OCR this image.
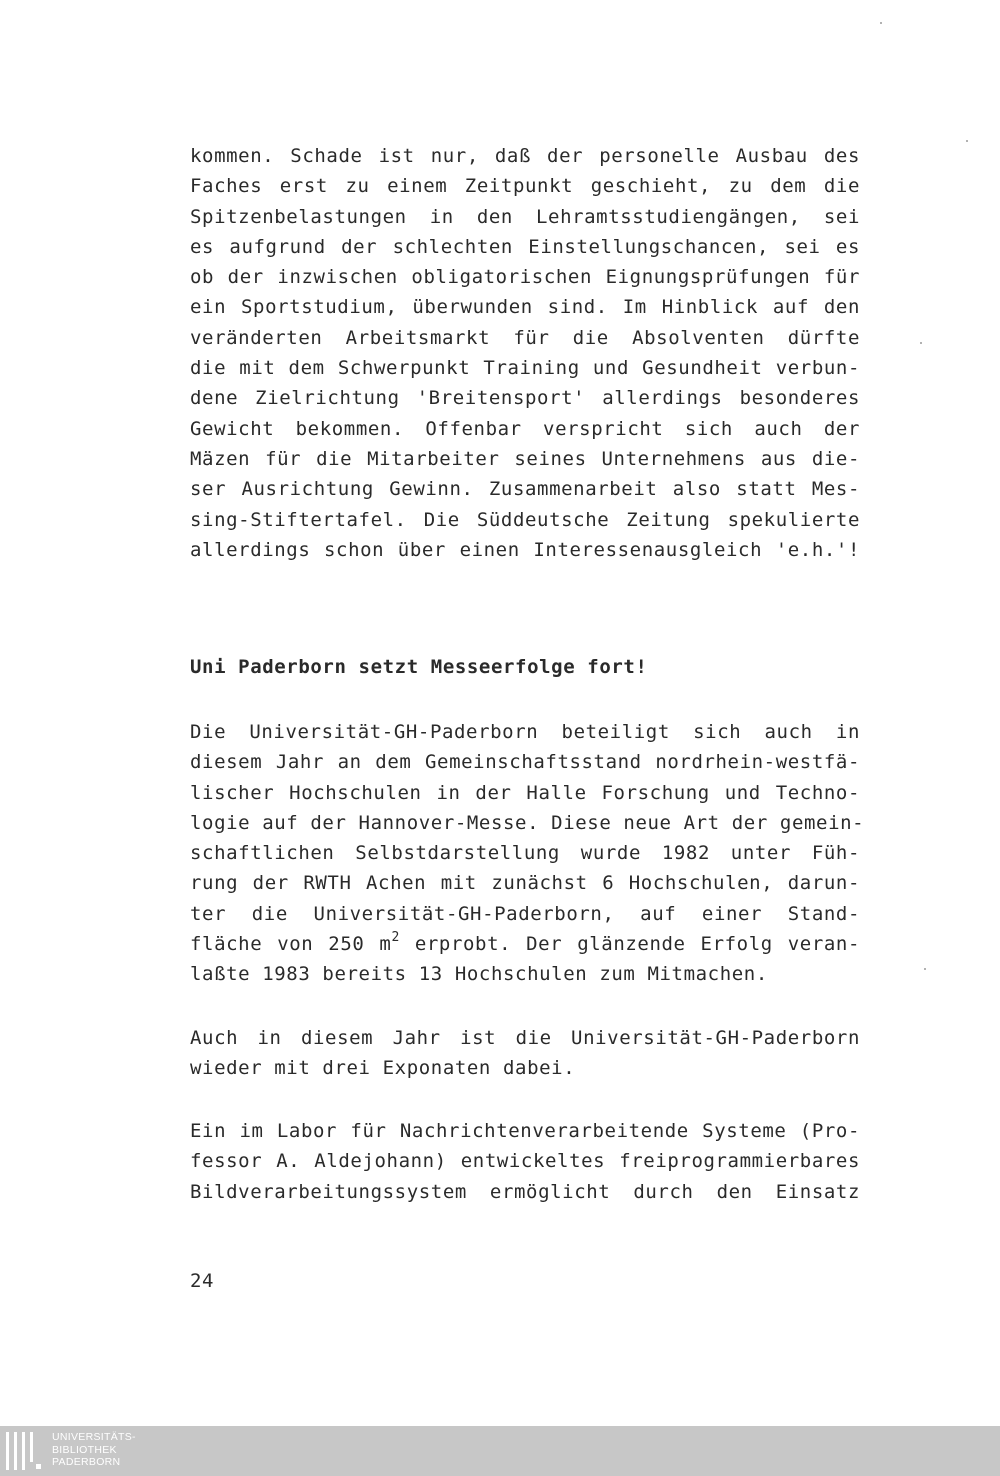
kommen. Schade ist nur, daß der personelle Ausbau des
Faches erst zu einem Zeitpunkt geschieht, zu dem die
Spitzenbelastungen in den Lehramtsstudiengängen, sei
es aufgrund der schlechten Einstellungschancen, sei es
ob der inzwischen obligatorischen Eignungsprüfungen für
ein Sportstudium, überwunden sind. Im Hinblick auf den
veränderten Arbeitsmarkt für die Absolventen dürfte
die mit dem Schwerpunkt Training und Gesundheit verbun-
dene Zielrichtung 'Breitensport' allerdings besonderes
Gewicht bekommen. Offenbar verspricht sich auch der
Mäzen für die Mitarbeiter seines Unternehmens aus die-
ser Ausrichtung Gewinn. Zusammenarbeit also statt Mes-
sing-Stiftertafel. Die Süddeutsche Zeitung spekulierte
allerdings schon über einen Interessenausgleich 'e.h.'!
Uni Paderborn setzt Messeerfolge fort!
Die Universität-GH-Paderborn beteiligt sich auch in
diesem Jahr an dem Gemeinschaftsstand nordrhein-westfä-
lischer Hochschulen in der Halle Forschung und Techno-
logie auf der Hannover-Messe. Diese neue Art der gemein-
schaftlichen Selbstdarstellung wurde 1982 unter Füh-
rung der RWTH Achen mit zunächst 6 Hochschulen, darun-
ter die Universität-GH-Paderborn, auf einer Stand-
fläche von 250 $m^2$ erprobt. Der glänzende Erfolg veran-
laßte 1983 bereits 13 Hochschulen zum Mitmachen.
Auch in diesem Jahr ist die Universität-GH-Paderborn
wieder mit drei Exponaten dabei.
Ein im Labor für Nachrichtenverarbeitende Systeme (Pro-
fessor A. Aldejohann) entwickeltes freiprogrammierbares
Bildverarbeitungssystem ermöglicht durch den Einsatz
24
UNIVERSITÄTS-
BIBLIOTHEK
PADERBORN
